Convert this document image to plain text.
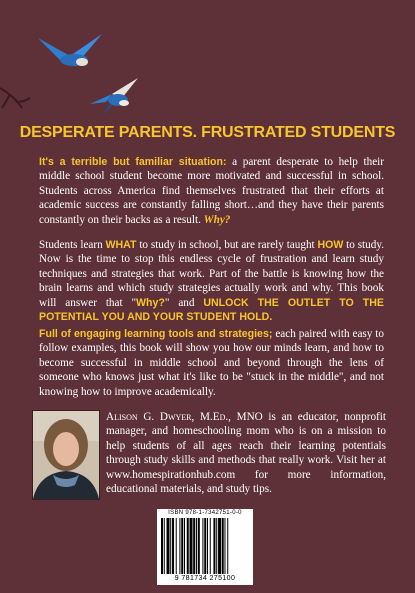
DESPERATE PARENTS. FRUSTRATED STUDENTS
It's a terrible but familiar situation: a parent desperate to help their middle school student become more motivated and successful in school. Students across America find themselves frustrated that their efforts at academic success are constantly falling short…and they have their parents constantly on their backs as a result. Why?
Students learn WHAT to study in school, but are rarely taught HOW to study. Now is the time to stop this endless cycle of frustration and learn study techniques and strategies that work. Part of the battle is knowing how the brain learns and which study strategies actually work and why. This book will answer that "Why?" and UNLOCK THE OUTLET TO THE POTENTIAL YOU AND YOUR STUDENT HOLD.
Full of engaging learning tools and strategies; each paired with easy to follow examples, this book will show you how our minds learn, and how to become successful in middle school and beyond through the lens of someone who knows just what it's like to be "stuck in the middle", and not knowing how to improve academically.
Alison G. Dwyer, M.Ed., MNO is an educator, nonprofit manager, and homeschooling mom who is on a mission to help students of all ages reach their learning potentials through study skills and methods that really work. Visit her at www.homespirationhub.com for more information, educational materials, and study tips.
ISBN 978-1-7342751-0-0
9 781734 275100
